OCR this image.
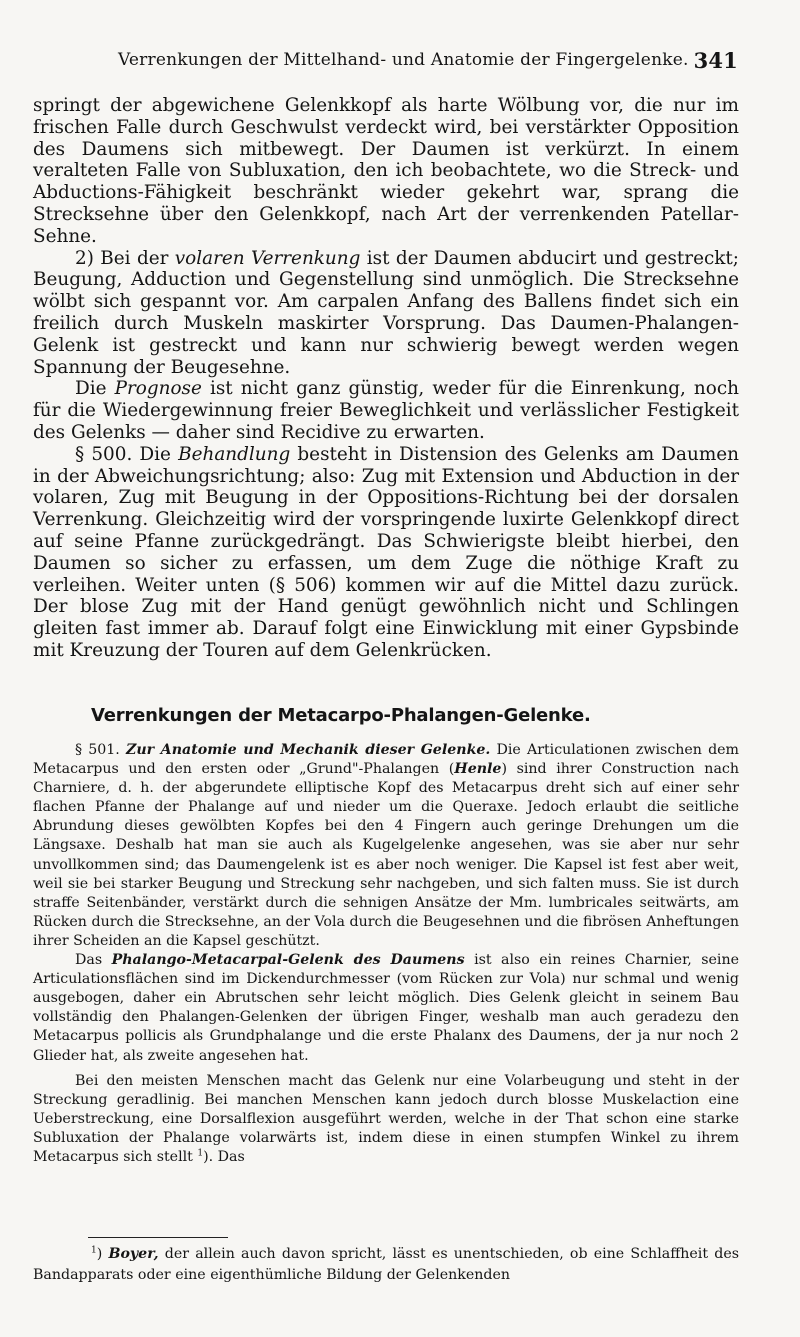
Verrenkungen der Mittelhand- und Anatomie der Fingergelenke. 341

springt der abgewichene Gelenkkopf als harte Wölbung vor, die nur im frischen Falle durch Geschwulst verdeckt wird, bei verstärkter Opposition des Daumens sich mitbewegt. Der Daumen ist verkürzt. In einem veralteten Falle von Subluxation, den ich beobachtete, wo die Streck- und Abductions-Fähigkeit beschränkt wieder gekehrt war, sprang die Strecksehne über den Gelenkkopf, nach Art der verrenkenden Patellar-Sehne.

2) Bei der volaren Verrenkung ist der Daumen abducirt und gestreckt; Beugung, Adduction und Gegenstellung sind unmöglich. Die Strecksehne wölbt sich gespannt vor. Am carpalen Anfang des Ballens findet sich ein freilich durch Muskeln maskirter Vorsprung. Das Daumen-Phalangen-Gelenk ist gestreckt und kann nur schwierig bewegt werden wegen Spannung der Beugesehne.

Die Prognose ist nicht ganz günstig, weder für die Einrenkung, noch für die Wiedergewinnung freier Beweglichkeit und verlässlicher Festigkeit des Gelenks — daher sind Recidive zu erwarten.

§ 500. Die Behandlung besteht in Distension des Gelenks am Daumen in der Abweichungsrichtung; also: Zug mit Extension und Abduction in der volaren, Zug mit Beugung in der Oppositions-Richtung bei der dorsalen Verrenkung. Gleichzeitig wird der vorspringende luxirte Gelenkkopf direct auf seine Pfanne zurückgedrängt. Das Schwierigste bleibt hierbei, den Daumen so sicher zu erfassen, um dem Zuge die nöthige Kraft zu verleihen. Weiter unten (§ 506) kommen wir auf die Mittel dazu zurück. Der blose Zug mit der Hand genügt gewöhnlich nicht und Schlingen gleiten fast immer ab. Darauf folgt eine Einwicklung mit einer Gypsbinde mit Kreuzung der Touren auf dem Gelenkrücken.

Verrenkungen der Metacarpo-Phalangen-Gelenke.

§ 501. Zur Anatomie und Mechanik dieser Gelenke. Die Articulationen zwischen dem Metacarpus und den ersten oder „Grund"-Phalangen (Henle) sind ihrer Construction nach Charniere, d. h. der abgerundete elliptische Kopf des Metacarpus dreht sich auf einer sehr flachen Pfanne der Phalange auf und nieder um die Queraxe. Jedoch erlaubt die seitliche Abrundung dieses gewölbten Kopfes bei den 4 Fingern auch geringe Drehungen um die Längsaxe. Deshalb hat man sie auch als Kugelgelenke angesehen, was sie aber nur sehr unvollkommen sind; das Daumengelenk ist es aber noch weniger. Die Kapsel ist fest aber weit, weil sie bei starker Beugung und Streckung sehr nachgeben, und sich falten muss. Sie ist durch straffe Seitenbänder, verstärkt durch die sehnigen Ansätze der Mm. lumbricales seitwärts, am Rücken durch die Strecksehne, an der Vola durch die Beugesehnen und die fibrösen Anheftungen ihrer Scheiden an die Kapsel geschützt.

Das Phalango-Metacarpal-Gelenk des Daumens ist also ein reines Charnier, seine Articulationsflächen sind im Dickendurchmesser (vom Rücken zur Vola) nur schmal und wenig ausgebogen, daher ein Abrutschen sehr leicht möglich. Dies Gelenk gleicht in seinem Bau vollständig den Phalangen-Gelenken der übrigen Finger, weshalb man auch geradezu den Metacarpus pollicis als Grundphalange und die erste Phalanx des Daumens, der ja nur noch 2 Glieder hat, als zweite angesehen hat.

Bei den meisten Menschen macht das Gelenk nur eine Volarbeugung und steht in der Streckung geradlinig. Bei manchen Menschen kann jedoch durch blosse Muskelaction eine Ueberstreckung, eine Dorsalflexion ausgeführt werden, welche in der That schon eine starke Subluxation der Phalange volarwärts ist, indem diese in einen stumpfen Winkel zu ihrem Metacarpus sich stellt $^1$). Das

$^1$) Boyer, der allein auch davon spricht, lässt es unentschieden, ob eine Schlaffheit des Bandapparats oder eine eigenthümliche Bildung der Gelenkenden
